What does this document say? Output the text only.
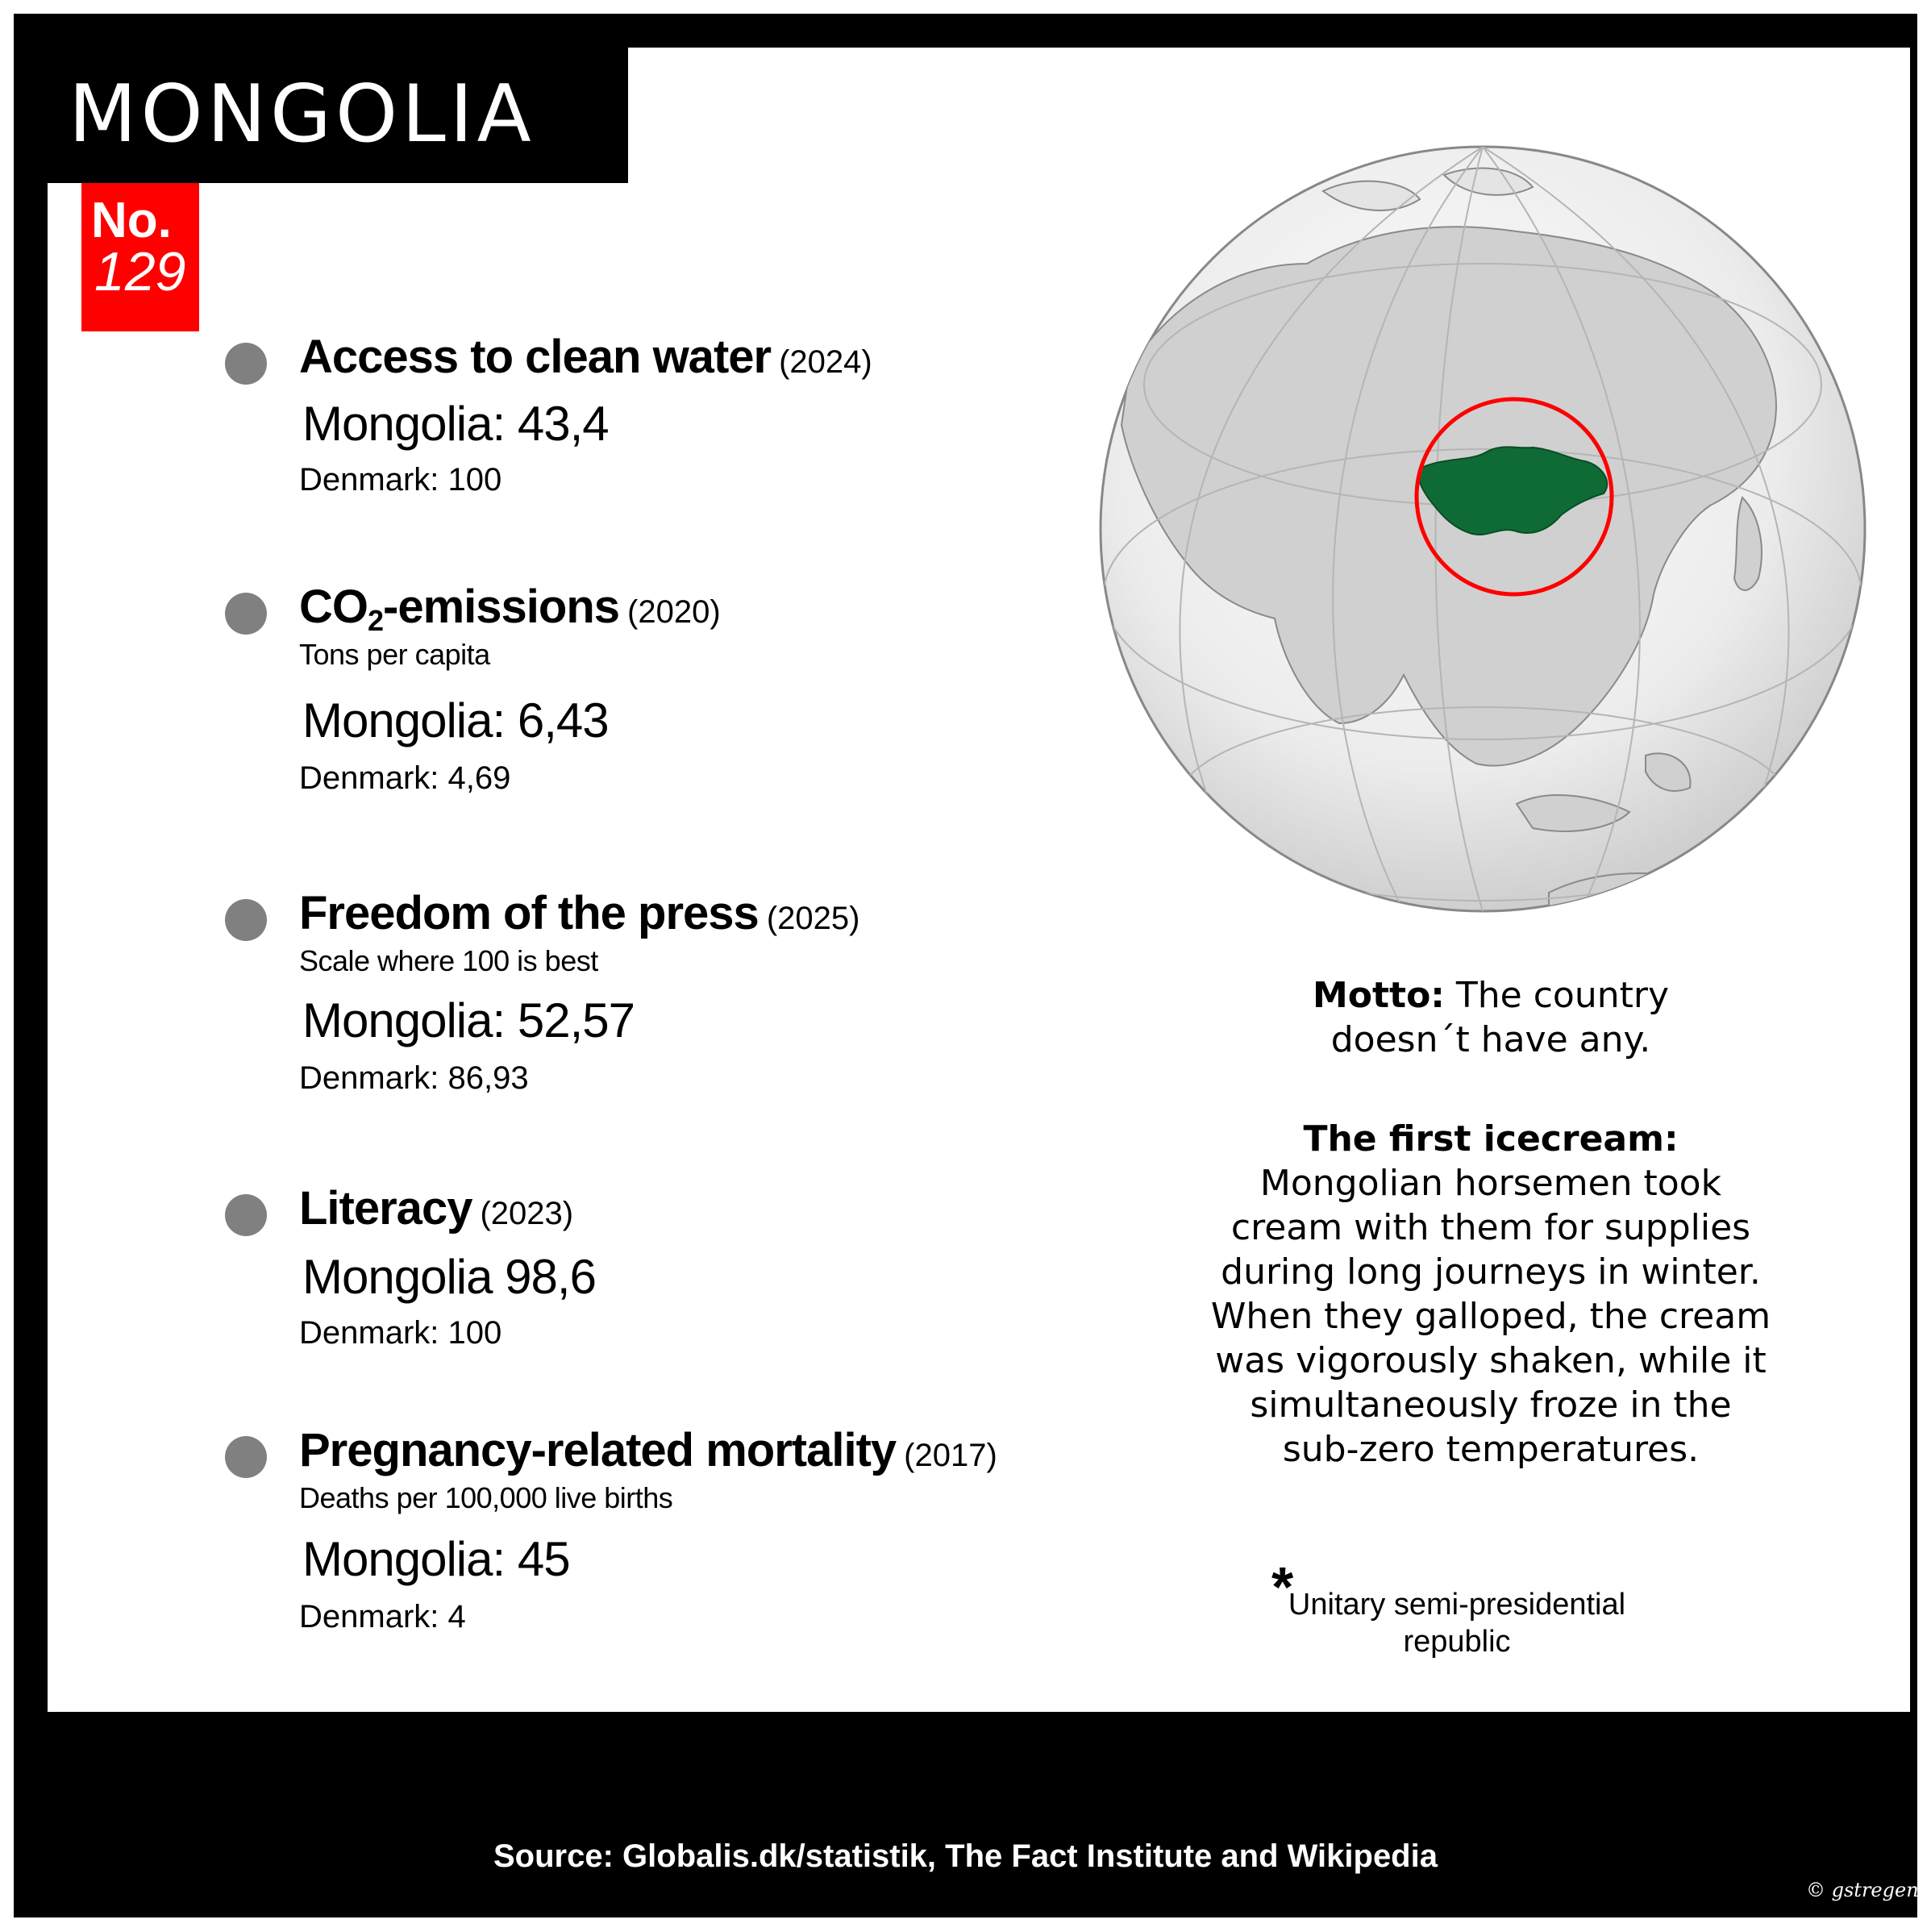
MONGOLIA
No.
129
Access to clean water (2024)
Mongolia: 43,4
Denmark: 100
$CO_2$-emissions (2020)
Tons per capita
Mongolia: 6,43
Denmark: 4,69
Freedom of the press (2025)
Scale where 100 is best
Mongolia: 52,57
Denmark: 86,93
Literacy (2023)
Mongolia 98,6
Denmark: 100
Pregnancy-related mortality (2017)
Deaths per 100,000 live births
Mongolia: 45
Denmark: 4
Motto: The country
doesn´t have any.
The first icecream:
Mongolian horsemen took
cream with them for supplies
during long journeys in winter.
When they galloped, the cream
was vigorously shaken, while it
simultaneously froze in the
sub-zero temperatures.
*
Unitary semi-presidential
republic
Source: Globalis.dk/statistik, The Fact Institute and Wikipedia
© gstregen
